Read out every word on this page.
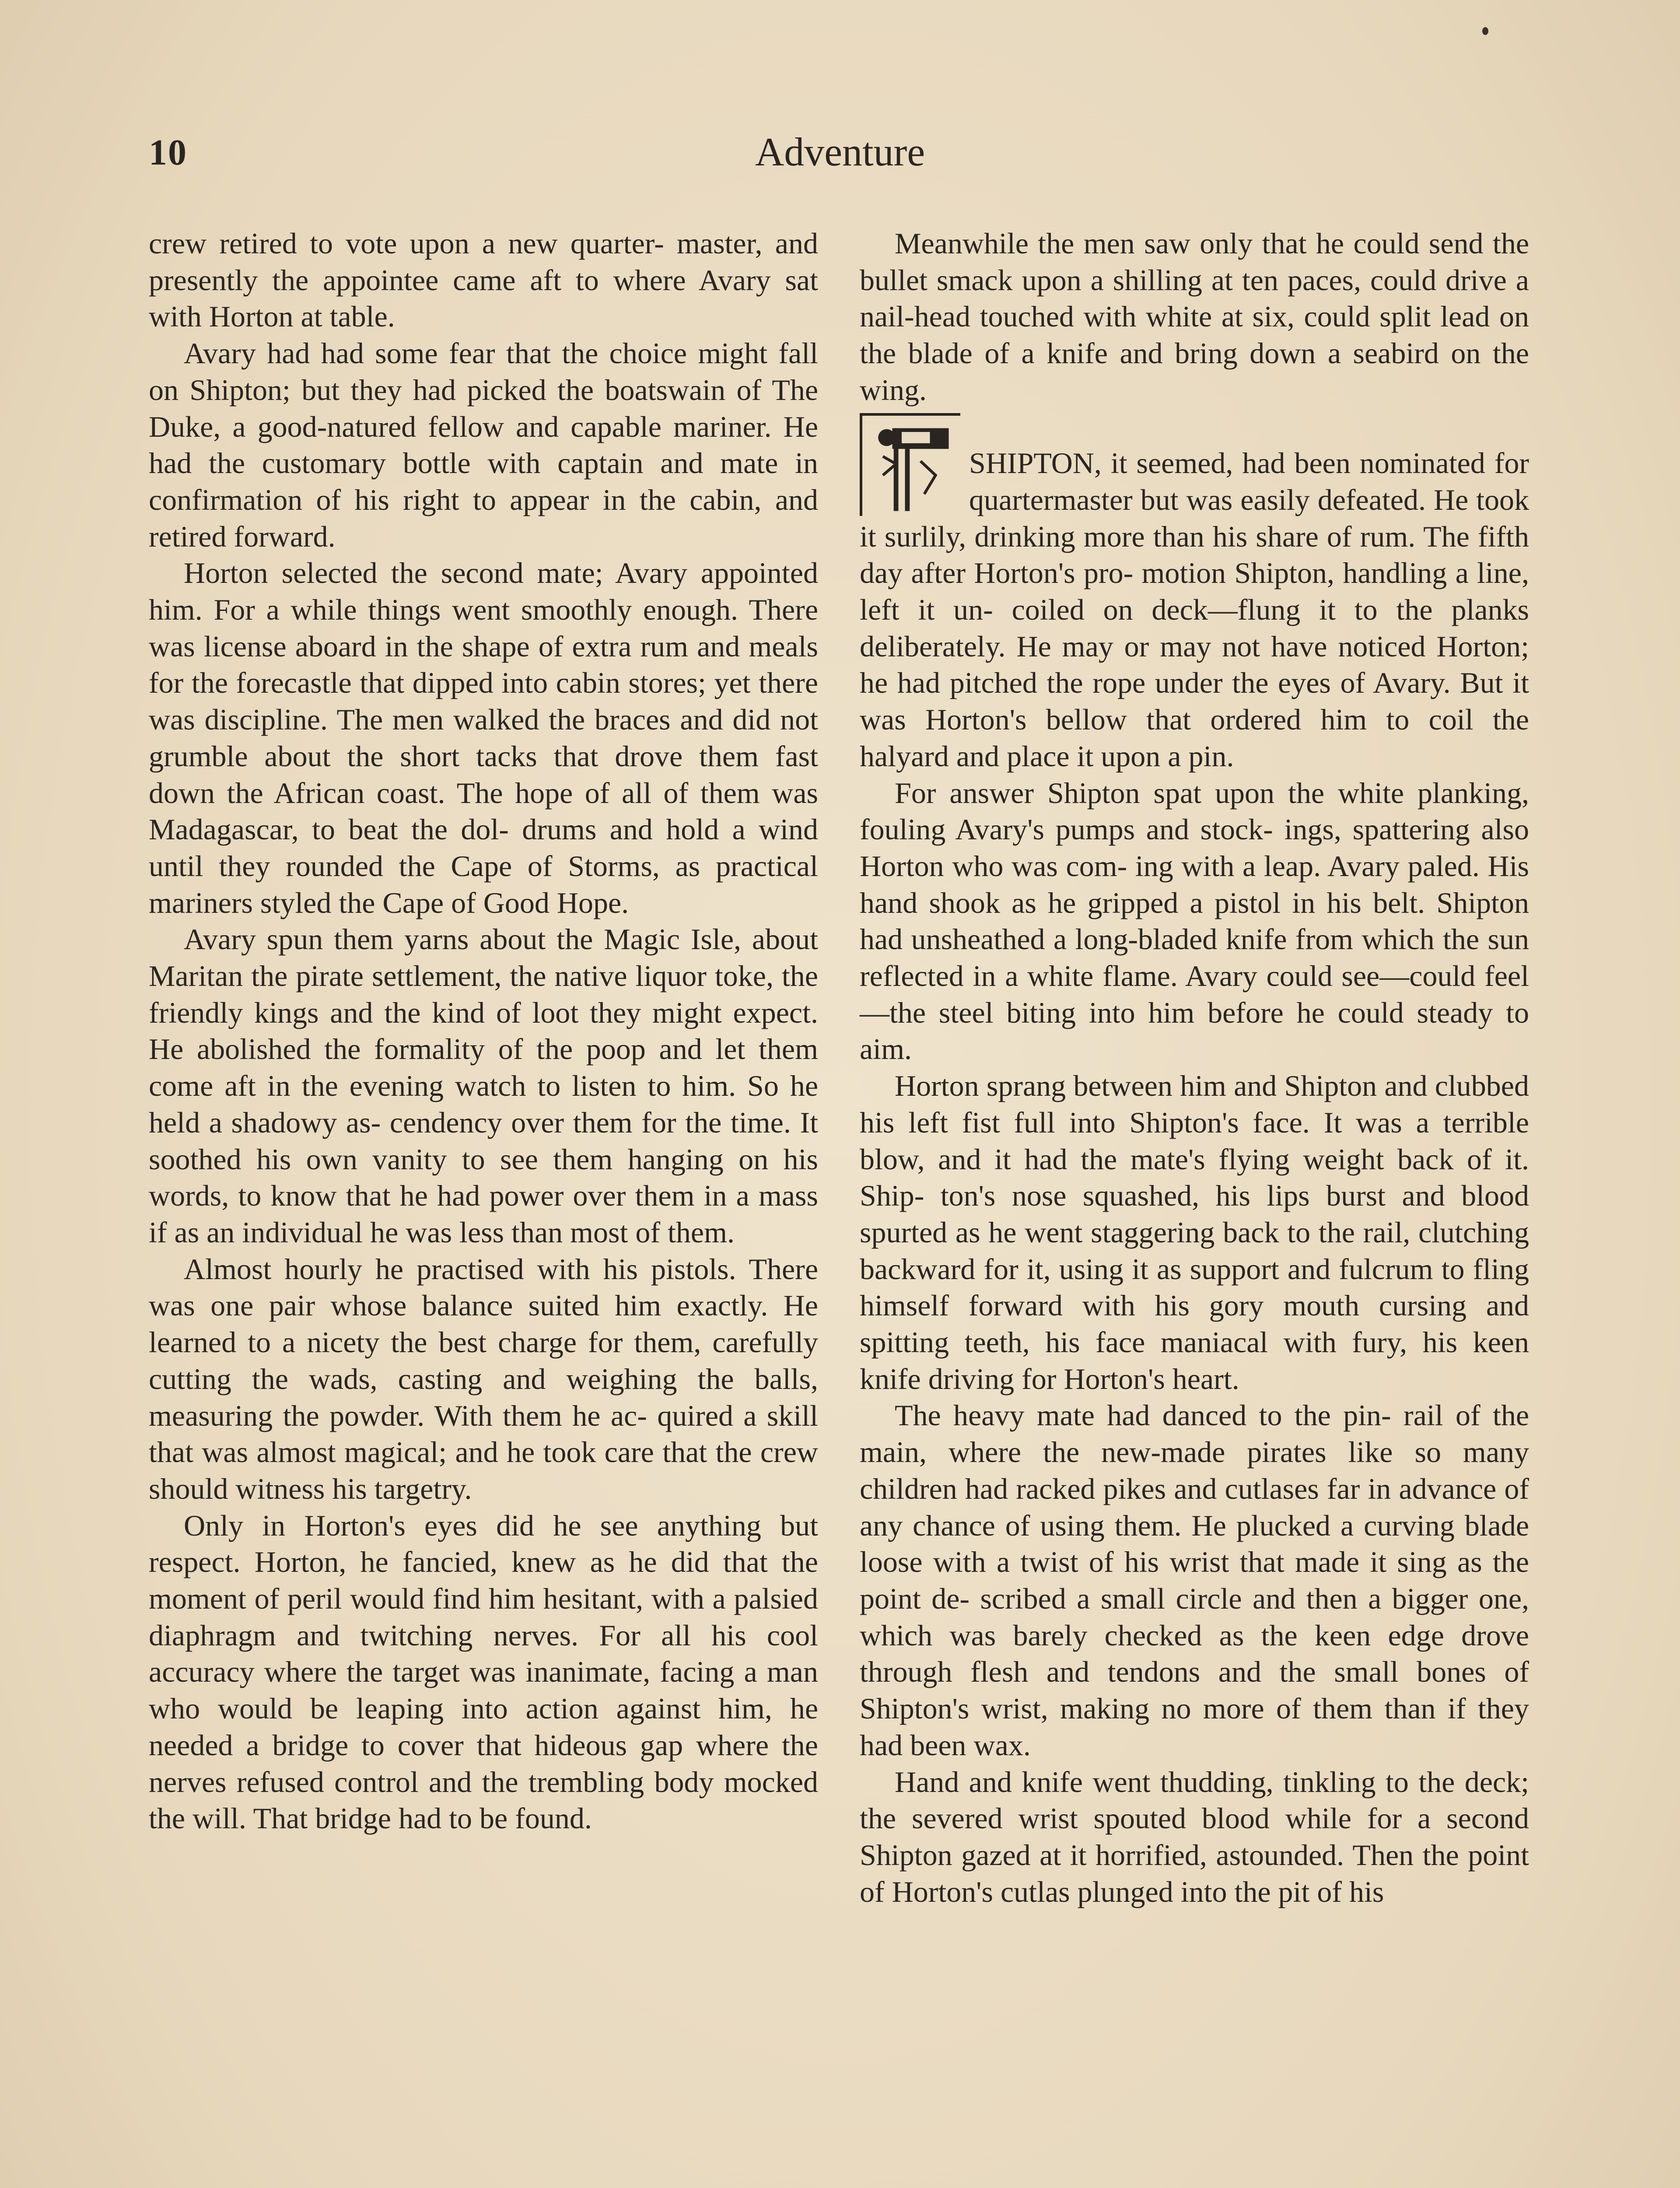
10	Adventure

crew retired to vote upon a new quarter- master, and presently the appointee came aft to where Avary sat with Horton at table.

Avary had had some fear that the choice might fall on Shipton; but they had picked the boatswain of The Duke, a good-natured fellow and capable mariner. He had the customary bottle with captain and mate in confirmation of his right to appear in the cabin, and retired forward.

Horton selected the second mate; Avary appointed him. For a while things went smoothly enough. There was license aboard in the shape of extra rum and meals for the forecastle that dipped into cabin stores; yet there was discipline. The men walked the braces and did not grumble about the short tacks that drove them fast down the African coast. The hope of all of them was Madagascar, to beat the dol- drums and hold a wind until they rounded the Cape of Storms, as practical mariners styled the Cape of Good Hope.

Avary spun them yarns about the Magic Isle, about Maritan the pirate settlement, the native liquor toke, the friendly kings and the kind of loot they might expect. He abolished the formality of the poop and let them come aft in the evening watch to listen to him. So he held a shadowy as- cendency over them for the time. It soothed his own vanity to see them hanging on his words, to know that he had power over them in a mass if as an individual he was less than most of them.

Almost hourly he practised with his pistols. There was one pair whose balance suited him exactly. He learned to a nicety the best charge for them, carefully cutting the wads, casting and weighing the balls, measuring the powder. With them he ac- quired a skill that was almost magical; and he took care that the crew should witness his targetry.

Only in Horton's eyes did he see anything but respect. Horton, he fancied, knew as he did that the moment of peril would find him hesitant, with a palsied diaphragm and twitching nerves. For all his cool accuracy where the target was inanimate, facing a man who would be leaping into action against him, he needed a bridge to cover that hideous gap where the nerves refused control and the trembling body mocked the will. That bridge had to be found.

Meanwhile the men saw only that he could send the bullet smack upon a shilling at ten paces, could drive a nail-head touched with white at six, could split lead on the blade of a knife and bring down a seabird on the wing.

SHIPTON, it seemed, had been nominated for quartermaster but was easily defeated. He took it surlily, drinking more than his share of rum. The fifth day after Horton's pro- motion Shipton, handling a line, left it un- coiled on deck—flung it to the planks deliberately. He may or may not have noticed Horton; he had pitched the rope under the eyes of Avary. But it was Horton's bellow that ordered him to coil the halyard and place it upon a pin.

For answer Shipton spat upon the white planking, fouling Avary's pumps and stock- ings, spattering also Horton who was com- ing with a leap. Avary paled. His hand shook as he gripped a pistol in his belt. Shipton had unsheathed a long-bladed knife from which the sun reflected in a white flame. Avary could see—could feel—the steel biting into him before he could steady to aim.

Horton sprang between him and Shipton and clubbed his left fist full into Shipton's face. It was a terrible blow, and it had the mate's flying weight back of it. Ship- ton's nose squashed, his lips burst and blood spurted as he went staggering back to the rail, clutching backward for it, using it as support and fulcrum to fling himself forward with his gory mouth cursing and spitting teeth, his face maniacal with fury, his keen knife driving for Horton's heart.

The heavy mate had danced to the pin- rail of the main, where the new-made pirates like so many children had racked pikes and cutlases far in advance of any chance of using them. He plucked a curving blade loose with a twist of his wrist that made it sing as the point de- scribed a small circle and then a bigger one, which was barely checked as the keen edge drove through flesh and tendons and the small bones of Shipton's wrist, making no more of them than if they had been wax.

Hand and knife went thudding, tinkling to the deck; the severed wrist spouted blood while for a second Shipton gazed at it horrified, astounded. Then the point of Horton's cutlas plunged into the pit of his
